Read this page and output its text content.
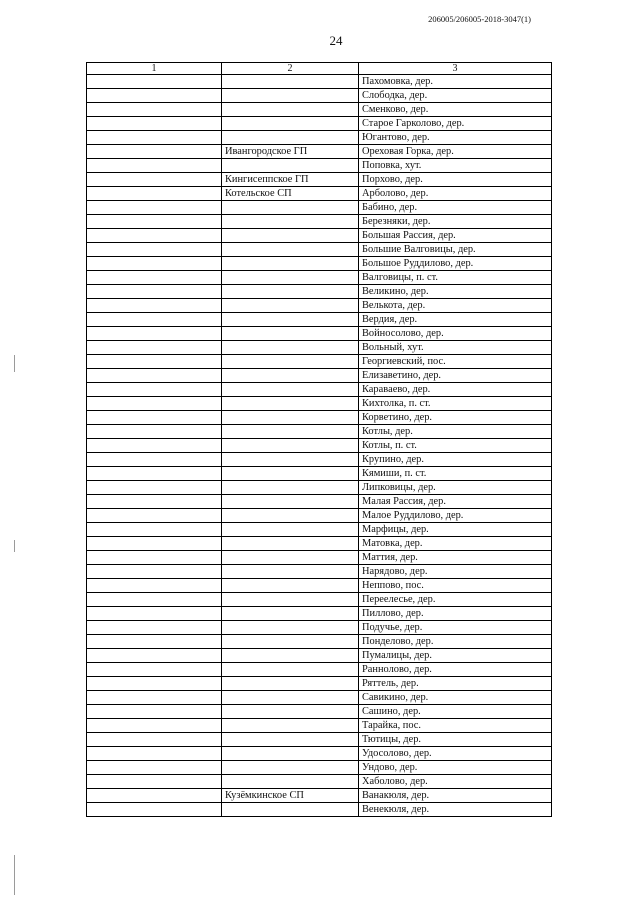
206005/206005-2018-3047(1)
24
1	2	3
		Пахомовка, дер.
		Слободка, дер.
		Сменково, дер.
		Старое Гарколово, дер.
		Югантово, дер.
	Ивангородское ГП	Ореховая Горка, дер.
		Поповка, хут.
	Кингисеппское ГП	Порхово, дер.
	Котельское СП	Арболово, дер.
		Бабино, дер.
		Березняки, дер.
		Большая Рассия, дер.
		Большие Валговицы, дер.
		Большое Руддилово, дер.
		Валговицы, п. ст.
		Великино, дер.
		Велькота, дер.
		Вердия, дер.
		Войносолово, дер.
		Вольный, хут.
		Георгиевский, пос.
		Елизаветино, дер.
		Каравaево, дер.
		Кихтолка, п. ст.
		Корветино, дер.
		Котлы, дер.
		Котлы, п. ст.
		Крупино, дер.
		Кямиши, п. ст.
		Липковицы, дер.
		Малая Рассия, дер.
		Малое Руддилово, дер.
		Марфицы, дер.
		Матовка, дер.
		Маттия, дер.
		Нарядово, дер.
		Неппово, пос.
		Переелесье, дер.
		Пиллово, дер.
		Подучье, дер.
		Понделово, дер.
		Пумалицы, дер.
		Раннолово, дер.
		Ряттель, дер.
		Савикино, дер.
		Сашино, дер.
		Тарайка, пос.
		Тютицы, дер.
		Удосолово, дер.
		Ундово, дер.
		Хаболово, дер.
	Кузёмкинское СП	Ванакюля, дер.
		Венекюля, дер.
